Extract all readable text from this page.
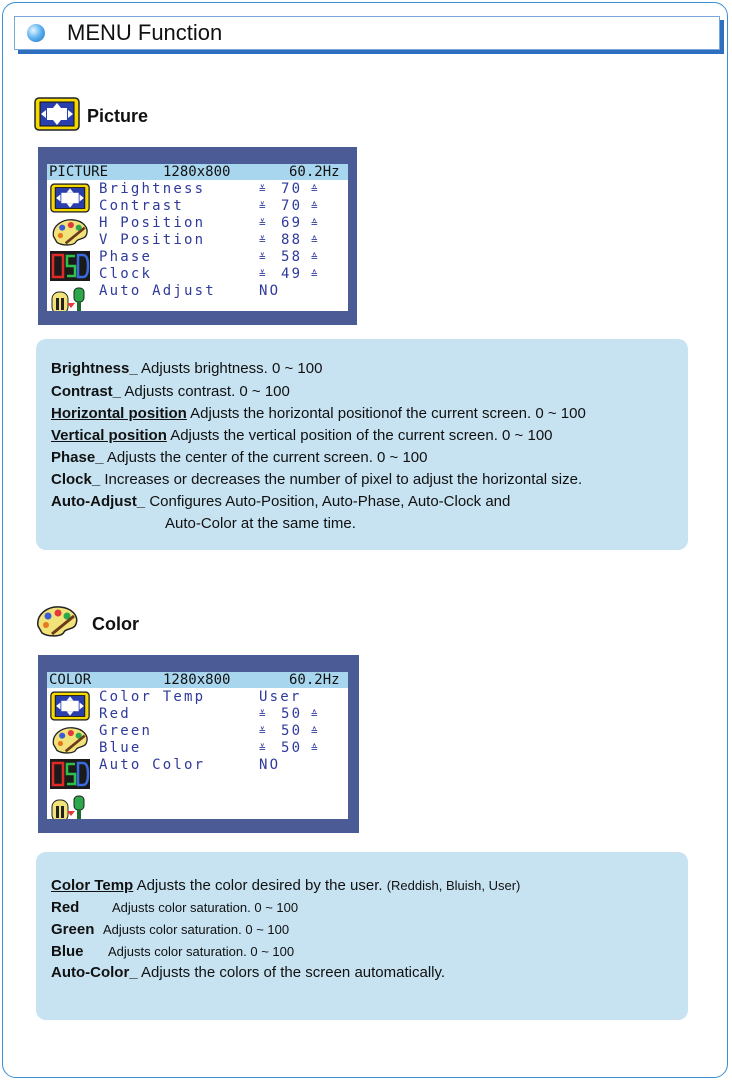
MENU Function
Picture
PICTURE	1280x800	60.2Hz
Brightness	≚ 70 ≙
Contrast	≚ 70 ≙
H Position	≚ 69 ≙
V Position	≚ 88 ≙
Phase	≚ 58 ≙
Clock	≚ 49 ≙
Auto Adjust	NO
Brightness_ Adjusts brightness. 0 ~ 100
Contrast_ Adjusts contrast. 0 ~ 100
Horizontal position Adjusts the horizontal positionof the current screen. 0 ~ 100
Vertical position Adjusts the vertical position of the current screen. 0 ~ 100
Phase_ Adjusts the center of the current screen. 0 ~ 100
Clock_ Increases or decreases the number of pixel to adjust the horizontal size.
Auto-Adjust_ Configures Auto-Position, Auto-Phase, Auto-Clock and
Auto-Color at the same time.
Color
COLOR	1280x800	60.2Hz
Color Temp	User
Red	≚ 50 ≙
Green	≚ 50 ≙
Blue	≚ 50 ≙
Auto Color	NO
Color Temp Adjusts the color desired by the user. (Reddish, Bluish, User)
Red	Adjusts color saturation. 0 ~ 100
Green Adjusts color saturation. 0 ~ 100
Blue Adjusts color saturation. 0 ~ 100
Auto-Color_ Adjusts the colors of the screen automatically.
